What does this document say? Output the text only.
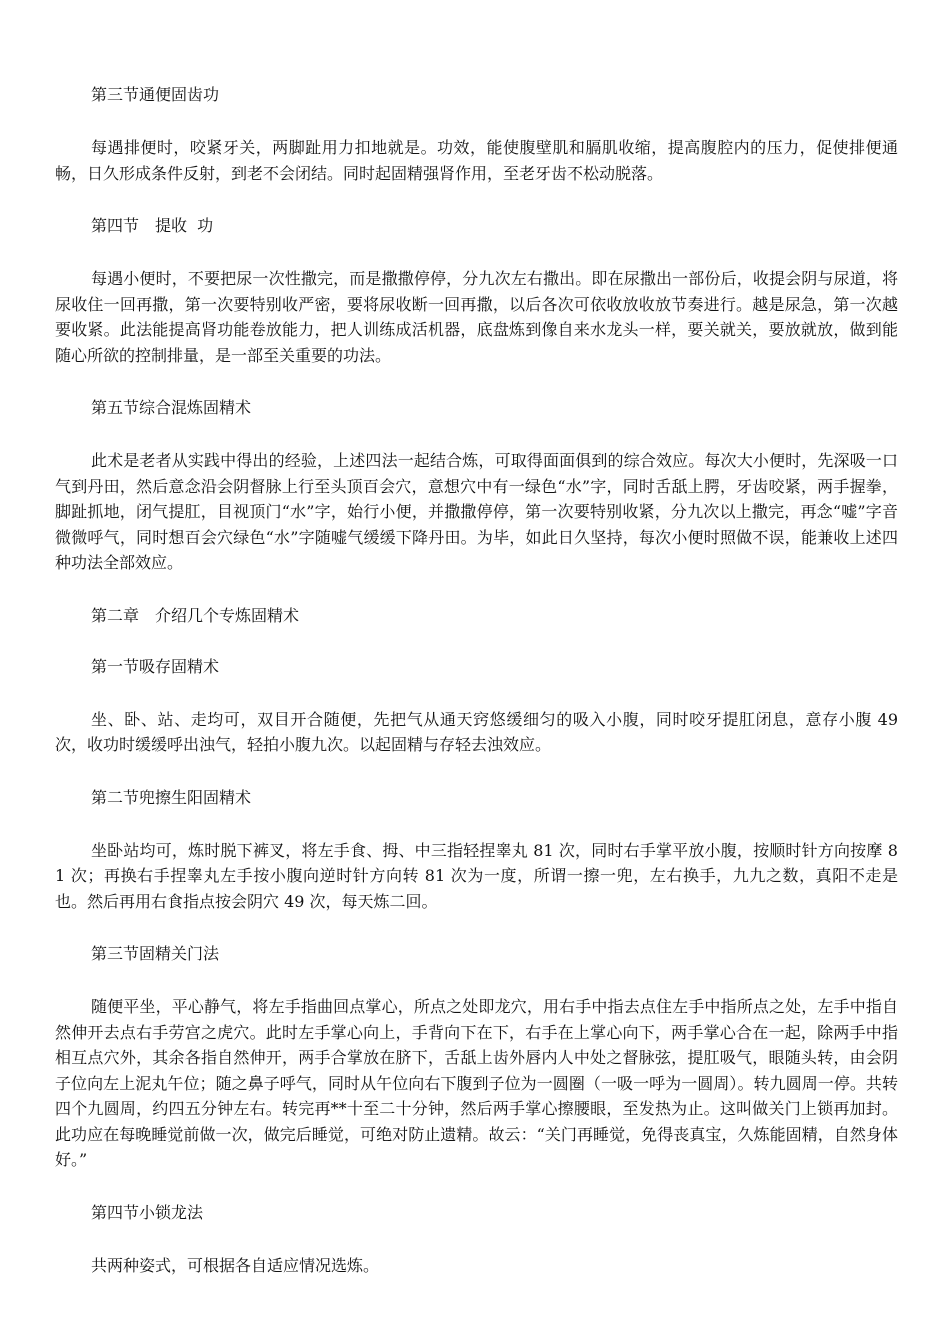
第三节通便固齿功

每遇排便时，咬紧牙关，两脚趾用力扣地就是。功效，能使腹壁肌和膈肌收缩，提高腹腔内的压力，促使排便通畅，日久形成条件反射，到老不会闭结。同时起固精强肾作用，至老牙齿不松动脱落。

第四节　提收  功

每遇小便时，不要把尿一次性撒完，而是撒撒停停，分九次左右撒出。即在尿撒出一部份后，收提会阴与尿道，将尿收住一回再撒，第一次要特别收严密，要将尿收断一回再撒，以后各次可依收放收放节奏进行。越是尿急，第一次越要收紧。此法能提高肾功能卷放能力，把人训练成活机器，底盘炼到像自来水龙头一样，要关就关，要放就放，做到能随心所欲的控制排量，是一部至关重要的功法。

第五节综合混炼固精术

此术是老者从实践中得出的经验，上述四法一起结合炼，可取得面面俱到的综合效应。每次大小便时，先深吸一口气到丹田，然后意念沿会阴督脉上行至头顶百会穴，意想穴中有一绿色“水”字，同时舌舐上腭，牙齿咬紧，两手握拳，脚趾抓地，闭气提肛，目视顶门“水”字，始行小便，并撒撒停停，第一次要特别收紧，分九次以上撒完，再念“嘘”字音微微呼气，同时想百会穴绿色“水”字随嘘气缓缓下降丹田。为毕，如此日久坚持，每次小便时照做不误，能兼收上述四种功法全部效应。

第二章　介绍几个专炼固精术
第一节吸存固精术

坐、卧、站、走均可，双目开合随便，先把气从通天窍悠缓细匀的吸入小腹，同时咬牙提肛闭息，意存小腹 49 次，收功时缓缓呼出浊气，轻拍小腹九次。以起固精与存轻去浊效应。

第二节兜擦生阳固精术

坐卧站均可，炼时脱下裤叉，将左手食、拇、中三指轻捏睾丸 81 次，同时右手掌平放小腹，按顺时针方向按摩 81 次；再换右手捏睾丸左手按小腹向逆时针方向转 81 次为一度，所谓一擦一兜，左右换手，九九之数，真阳不走是也。然后再用右食指点按会阴穴 49 次，每天炼二回。

第三节固精关门法

随便平坐，平心静气，将左手指曲回点掌心，所点之处即龙穴，用右手中指去点住左手中指所点之处，左手中指自然伸开去点右手劳宫之虎穴。此时左手掌心向上，手背向下在下，右手在上掌心向下，两手掌心合在一起，除两手中指相互点穴外，其余各指自然伸开，两手合掌放在脐下，舌舐上齿外唇内人中处之督脉弦，提肛吸气，眼随头转，由会阴子位向左上泥丸午位；随之鼻子呼气，同时从午位向右下腹到子位为一圆圈（一吸一呼为一圆周）。转九圆周一停。共转四个九圆周，约四五分钟左右。转完再**十至二十分钟，然后两手掌心擦腰眼，至发热为止。这叫做关门上锁再加封。此功应在每晚睡觉前做一次，做完后睡觉，可绝对防止遗精。故云：“关门再睡觉，免得丧真宝，久炼能固精，自然身体好。”

第四节小锁龙法

共两种姿式，可根据各自适应情况选炼。
